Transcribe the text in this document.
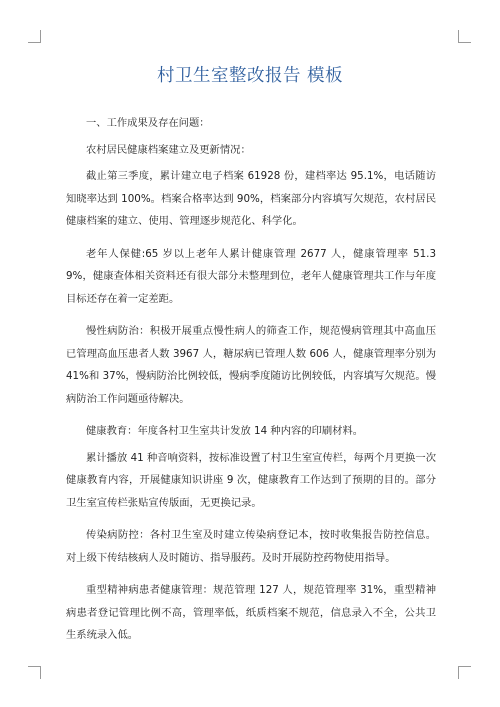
村卫生室整改报告 模板

一、工作成果及存在问题：

农村居民健康档案建立及更新情况：

截止第三季度，累计建立电子档案 61928 份，建档率达 95.1%，电话随访知晓率达到 100%。档案合格率达到 90%，档案部分内容填写欠规范，农村居民健康档案的建立、使用、管理逐步规范化、科学化。

老年人保健:65 岁以上老年人累计健康管理 2677 人，健康管理率 51.39%，健康查体相关资料还有很大部分未整理到位，老年人健康管理共工作与年度目标还存在着一定差距。

慢性病防治：积极开展重点慢性病人的筛查工作，规范慢病管理其中高血压已管理高血压患者人数 3967 人，糖尿病已管理人数 606 人，健康管理率分别为 41%和 37%，慢病防治比例较低，慢病季度随访比例较低，内容填写欠规范。慢病防治工作问题亟待解决。

健康教育：年度各村卫生室共计发放 14 种内容的印刷材料。

累计播放 41 种音响资料，按标准设置了村卫生室宣传栏，每两个月更换一次健康教育内容，开展健康知识讲座 9 次，健康教育工作达到了预期的目的。部分卫生室宣传栏张贴宣传版面，无更换记录。

传染病防控：各村卫生室及时建立传染病登记本，按时收集报告防控信息。对上级下传结核病人及时随访、指导服药。及时开展防控药物使用指导。

重型精神病患者健康管理：规范管理 127 人，规范管理率 31%，重型精神病患者登记管理比例不高，管理率低，纸质档案不规范，信息录入不全，公共卫生系统录入低。
